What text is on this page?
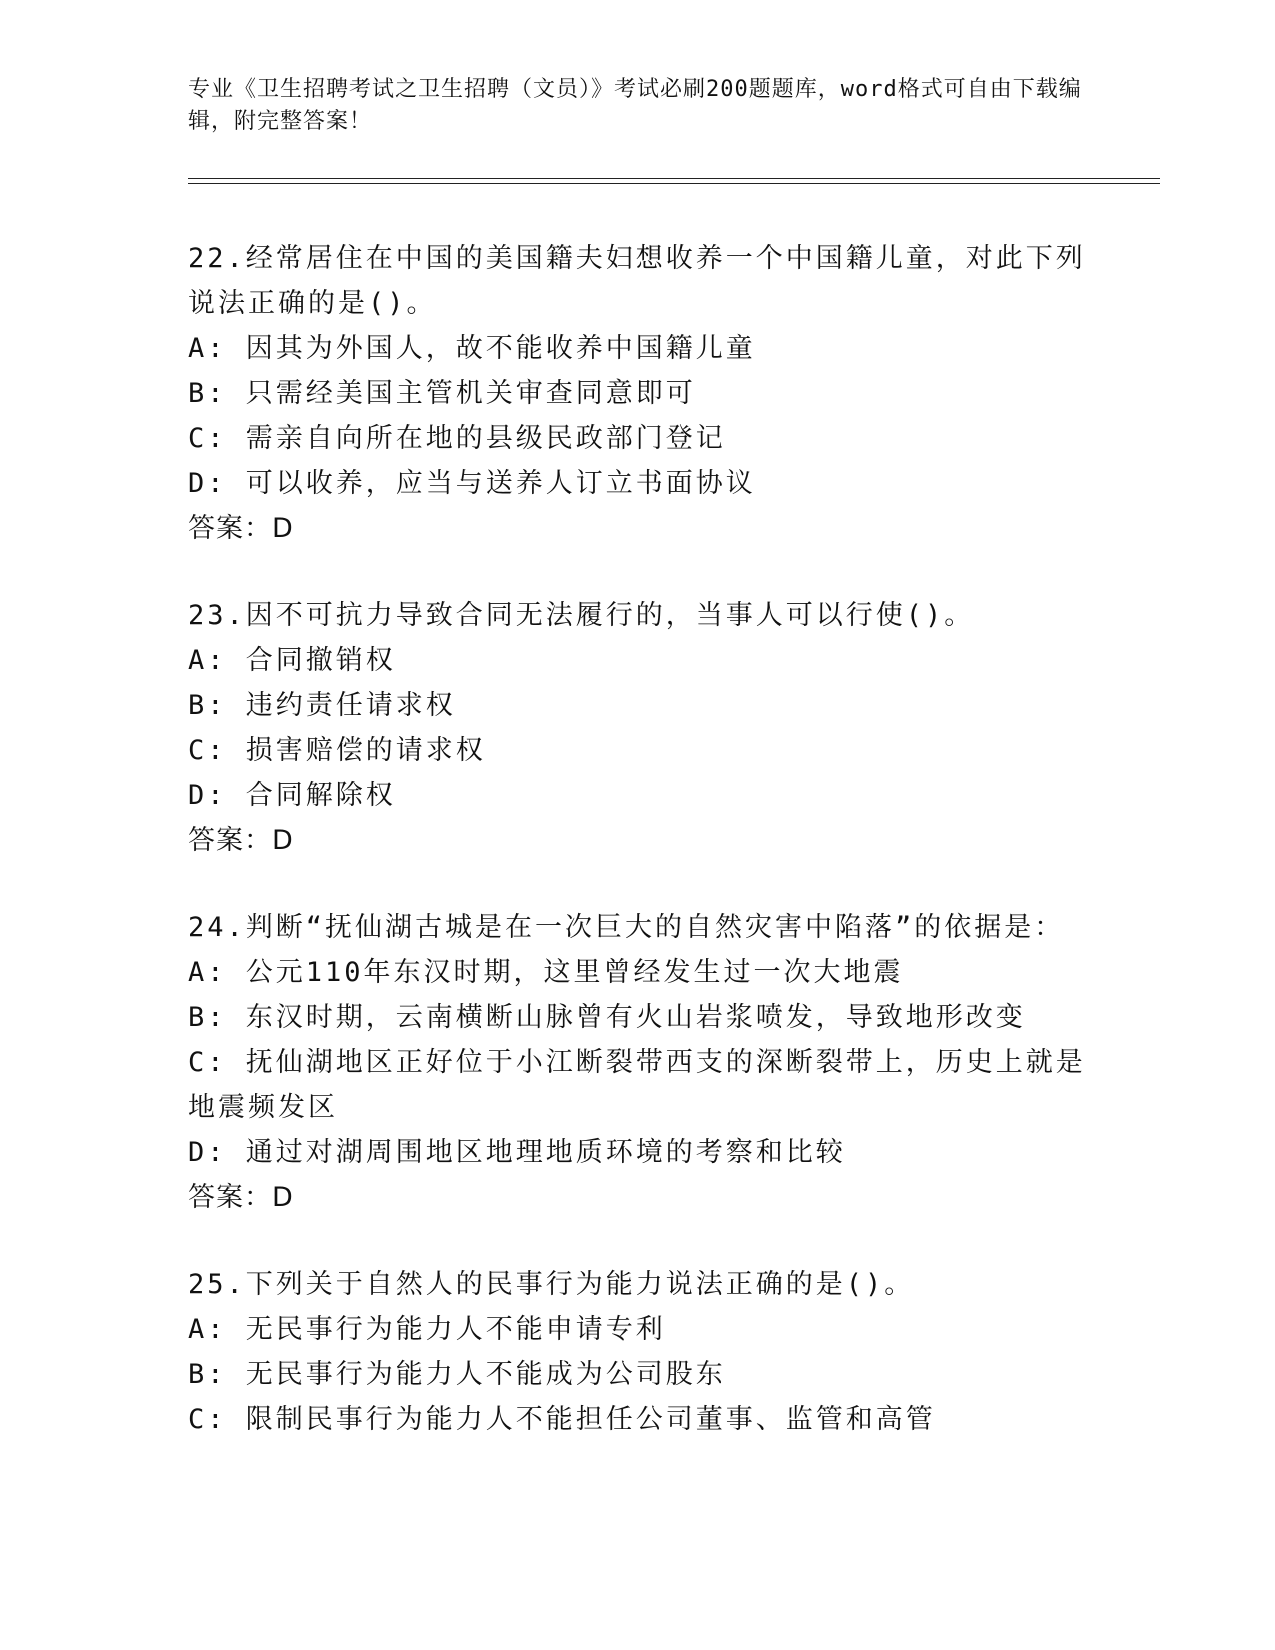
专业《卫生招聘考试之卫生招聘（文员）》考试必刷200题题库，word格式可自由下载编辑，附完整答案！
22.经常居住在中国的美国籍夫妇想收养一个中国籍儿童，对此下列说法正确的是()。
A: 因其为外国人，故不能收养中国籍儿童
B: 只需经美国主管机关审查同意即可
C: 需亲自向所在地的县级民政部门登记
D: 可以收养，应当与送养人订立书面协议
答案：D
23.因不可抗力导致合同无法履行的，当事人可以行使()。
A: 合同撤销权
B: 违约责任请求权
C: 损害赔偿的请求权
D: 合同解除权
答案：D
24.判断“抚仙湖古城是在一次巨大的自然灾害中陷落”的依据是：
A: 公元110年东汉时期，这里曾经发生过一次大地震
B: 东汉时期，云南横断山脉曾有火山岩浆喷发，导致地形改变
C: 抚仙湖地区正好位于小江断裂带西支的深断裂带上，历史上就是地震频发区
D: 通过对湖周围地区地理地质环境的考察和比较
答案：D
25.下列关于自然人的民事行为能力说法正确的是()。
A: 无民事行为能力人不能申请专利
B: 无民事行为能力人不能成为公司股东
C: 限制民事行为能力人不能担任公司董事、监管和高管
